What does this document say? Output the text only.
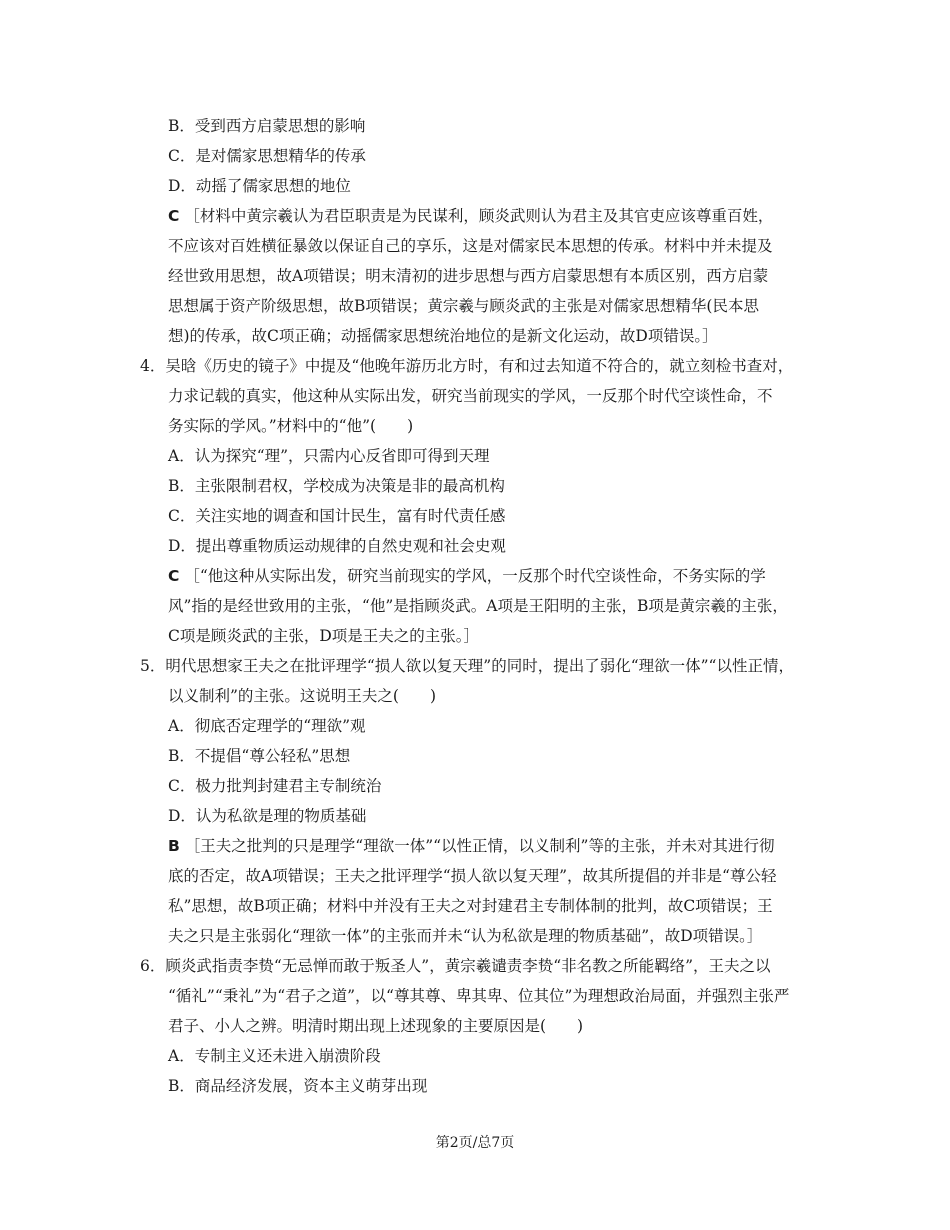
B．受到西方启蒙思想的影响
C．是对儒家思想精华的传承
D．动摇了儒家思想的地位
C ［材料中黄宗羲认为君臣职责是为民谋利，顾炎武则认为君主及其官吏应该尊重百姓，
不应该对百姓横征暴敛以保证自己的享乐，这是对儒家民本思想的传承。材料中并未提及
经世致用思想，故A项错误；明末清初的进步思想与西方启蒙思想有本质区别，西方启蒙
思想属于资产阶级思想，故B项错误；黄宗羲与顾炎武的主张是对儒家思想精华(民本思
想)的传承，故C项正确；动摇儒家思想统治地位的是新文化运动，故D项错误。］
4．吴晗《历史的镜子》中提及“他晚年游历北方时，有和过去知道不符合的，就立刻检书查对，
力求记载的真实，他这种从实际出发，研究当前现实的学风，一反那个时代空谈性命，不
务实际的学风。”材料中的“他”(　　)
A．认为探究“理”，只需内心反省即可得到天理
B．主张限制君权，学校成为决策是非的最高机构
C．关注实地的调查和国计民生，富有时代责任感
D．提出尊重物质运动规律的自然史观和社会史观
C ［“他这种从实际出发，研究当前现实的学风，一反那个时代空谈性命，不务实际的学
风”指的是经世致用的主张，“他”是指顾炎武。A项是王阳明的主张，B项是黄宗羲的主张，
C项是顾炎武的主张，D项是王夫之的主张。］
5．明代思想家王夫之在批评理学“损人欲以复天理”的同时，提出了弱化“理欲一体”“以性正情，
以义制利”的主张。这说明王夫之(　　)
A．彻底否定理学的“理欲”观
B．不提倡“尊公轻私”思想
C．极力批判封建君主专制统治
D．认为私欲是理的物质基础
B ［王夫之批判的只是理学“理欲一体”“以性正情，以义制利”等的主张，并未对其进行彻
底的否定，故A项错误；王夫之批评理学“损人欲以复天理”，故其所提倡的并非是“尊公轻
私”思想，故B项正确；材料中并没有王夫之对封建君主专制体制的批判，故C项错误；王
夫之只是主张弱化“理欲一体”的主张而并未“认为私欲是理的物质基础”，故D项错误。］
6．顾炎武指责李贽“无忌惮而敢于叛圣人”，黄宗羲谴责李贽“非名教之所能羁络”，王夫之以
“循礼”“秉礼”为“君子之道”，以“尊其尊、卑其卑、位其位”为理想政治局面，并强烈主张严
君子、小人之辨。明清时期出现上述现象的主要原因是(　　)
A．专制主义还未进入崩溃阶段
B．商品经济发展，资本主义萌芽出现
第2页/总7页
